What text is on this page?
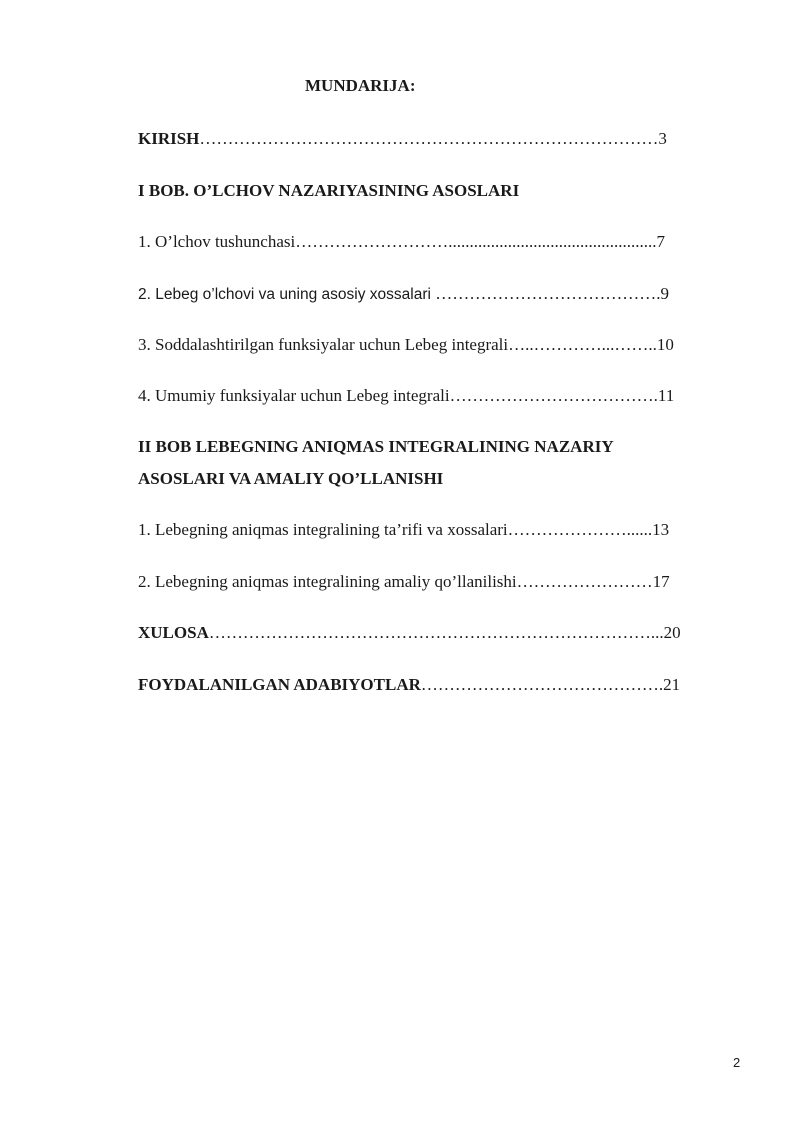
MUNDARIJA:
KIRISH………………………………………………………………………3
I BOB. O’LCHOV NAZARIYASINING ASOSLARI
1. O’lchov tushunchasi……………………….................................................7
2. Lebeg o’lchovi va uning asosiy xossalari ………………………………….9
3. Soddalashtirilgan funksiyalar uchun Lebeg integrali…..…………...……..10
4. Umumiy funksiyalar uchun Lebeg integrali……………………………….11
II BOB LEBEGNING ANIQMAS INTEGRALINING NAZARIY
ASOSLARI VA AMALIY QO’LLANISHI
1. Lebegning aniqmas integralining ta’rifi va xossalari…………………......13
2. Lebegning aniqmas integralining amaliy qo’llanilishi……………………17
XULOSA……………………………………………………………………...20
FOYDALANILGAN ADABIYOTLAR…………………………………….21
2
